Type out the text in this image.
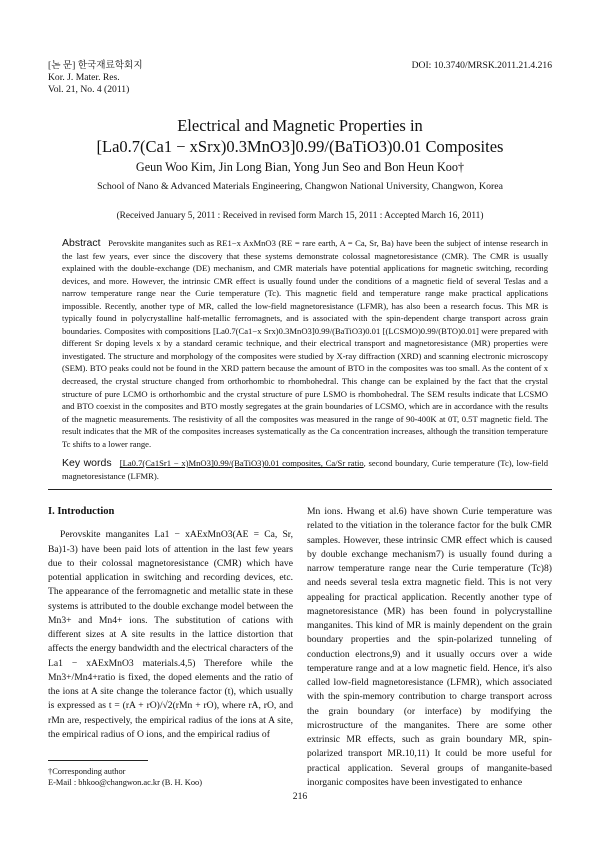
[논 문] 한국재료학회지
Kor. J. Mater. Res.
Vol. 21, No. 4 (2011)
DOI: 10.3740/MRSK.2011.21.4.216
Electrical and Magnetic Properties in
[La0.7(Ca1 − xSrx)0.3MnO3]0.99/(BaTiO3)0.01 Composites
Geun Woo Kim, Jin Long Bian, Yong Jun Seo and Bon Heun Koo†
School of Nano & Advanced Materials Engineering, Changwon National University, Changwon, Korea
(Received January 5, 2011 : Received in revised form March 15, 2011 : Accepted March 16, 2011)
Abstract Perovskite manganites such as RE1−x AxMnO3 (RE = rare earth, A = Ca, Sr, Ba) have been the subject of intense research in the last few years, ever since the discovery that these systems demonstrate colossal magnetoresistance (CMR). The CMR is usually explained with the double-exchange (DE) mechanism, and CMR materials have potential applications for magnetic switching, recording devices, and more. However, the intrinsic CMR effect is usually found under the conditions of a magnetic field of several Teslas and a narrow temperature range near the Curie temperature (Tc). This magnetic field and temperature range make practical applications impossible. Recently, another type of MR, called the low-field magnetoresistance (LFMR), has also been a research focus. This MR is typically found in polycrystalline half-metallic ferromagnets, and is associated with the spin-dependent charge transport across grain boundaries. Composites with compositions [La0.7(Ca1−x Srx)0.3MnO3]0.99/(BaTiO3)0.01 [(LCSMO)0.99/(BTO)0.01] were prepared with different Sr doping levels x by a standard ceramic technique, and their electrical transport and magnetoresistance (MR) properties were investigated. The structure and morphology of the composites were studied by X-ray diffraction (XRD) and scanning electronic microscopy (SEM). BTO peaks could not be found in the XRD pattern because the amount of BTO in the composites was too small. As the content of x decreased, the crystal structure changed from orthorhombic to rhombohedral. This change can be explained by the fact that the crystal structure of pure LCMO is orthorhombic and the crystal structure of pure LSMO is rhombohedral. The SEM results indicate that LCSMO and BTO coexist in the composites and BTO mostly segregates at the grain boundaries of LCSMO, which are in accordance with the results of the magnetic measurements. The resistivity of all the composites was measured in the range of 90-400K at 0T, 0.5T magnetic field. The result indicates that the MR of the composites increases systematically as the Ca concentration increases, although the transition temperature Tc shifts to a lower range.
Key words [La0.7(Ca1Sr1 − x)MnO3]0.99/(BaTiO3)0.01 composites, Ca/Sr ratio, second boundary, Curie temperature (Tc), low-field magnetoresistance (LFMR).
I. Introduction

Perovskite manganites La1 − xAExMnO3(AE = Ca, Sr, Ba)1-3) have been paid lots of attention in the last few years due to their colossal magnetoresistance (CMR) which have potential application in switching and recording devices, etc. The appearance of the ferromagnetic and metallic state in these systems is attributed to the double exchange model between the Mn3+ and Mn4+ ions. The substitution of cations with different sizes at A site results in the lattice distortion that affects the energy bandwidth and the electrical characters of the La1 − xAExMnO3 materials.4,5) Therefore while the Mn3+/Mn4+ratio is fixed, the doped elements and the ratio of the ions at A site change the tolerance factor (t), which usually is expressed as t = (rA + rO)/√2(rMn + rO), where rA, rO, and rMn are, respectively, the empirical radius of the ions at A site, the empirical radius of O ions, and the empirical radius of

Mn ions. Hwang et al.6) have shown Curie temperature was related to the vitiation in the tolerance factor for the bulk CMR samples. However, these intrinsic CMR effect which is caused by double exchange mechanism7) is usually found during a narrow temperature range near the Curie temperature (Tc)8) and needs several tesla extra magnetic field. This is not very appealing for practical application. Recently another type of magnetoresistance (MR) has been found in polycrystalline manganites. This kind of MR is mainly dependent on the grain boundary properties and the spin-polarized tunneling of conduction electrons,9) and it usually occurs over a wide temperature range and at a low magnetic field. Hence, it's also called low-field magnetoresistance (LFMR), which associated with the spin-memory contribution to charge transport across the grain boundary (or interface) by modifying the microstructure of the manganites. There are some other extrinsic MR effects, such as grain boundary MR, spin-polarized transport MR.10,11) It could be more useful for practical application. Several groups of manganite-based inorganic composites have been investigated to enhance

†Corresponding author
E-Mail : bhkoo@changwon.ac.kr (B. H. Koo)
216
